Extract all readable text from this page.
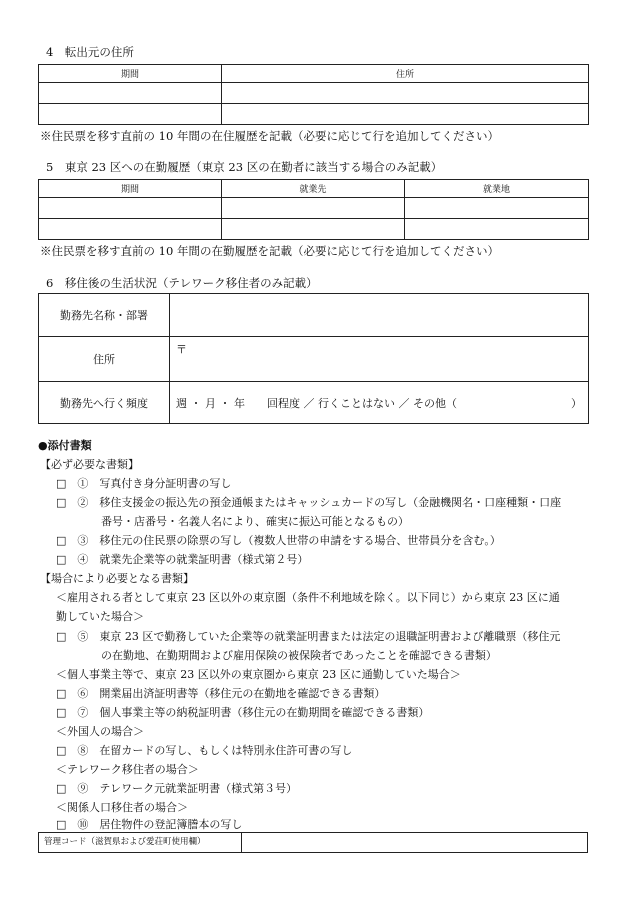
4　転出元の住所
期間	住所

※住民票を移す直前の 10 年間の在住履歴を記載（必要に応じて行を追加してください）
5　東京 23 区への在勤履歴（東京 23 区の在勤者に該当する場合のみ記載）
期間	就業先	就業地

※住民票を移す直前の 10 年間の在勤履歴を記載（必要に応じて行を追加してください）
6　移住後の生活状況（テレワーク移住者のみ記載）
勤務先名称・部署	
住所	〒
勤務先へ行く頻度	週 ・ 月 ・ 年　　回程度 ／ 行くことはない ／ その他（ ）
●添付書類
【必ず必要な書類】
□　①　写真付き身分証明書の写し
□　②　移住支援金の振込先の預金通帳またはキャッシュカードの写し（金融機関名・口座種類・口座
番号・店番号・名義人名により、確実に振込可能となるもの）
□　③　移住元の住民票の除票の写し（複数人世帯の申請をする場合、世帯員分を含む。）
□　④　就業先企業等の就業証明書（様式第２号）
【場合により必要となる書類】
＜雇用される者として東京 23 区以外の東京圏（条件不利地域を除く。以下同じ）から東京 23 区に通
勤していた場合＞
□　⑤　東京 23 区で勤務していた企業等の就業証明書または法定の退職証明書および離職票（移住元
の在勤地、在勤期間および雇用保険の被保険者であったことを確認できる書類）
＜個人事業主等で、東京 23 区以外の東京圏から東京 23 区に通勤していた場合＞
□　⑥　開業届出済証明書等（移住元の在勤地を確認できる書類）
□　⑦　個人事業主等の納税証明書（移住元の在勤期間を確認できる書類）
＜外国人の場合＞
□　⑧　在留カードの写し、もしくは特別永住許可書の写し
＜テレワーク移住者の場合＞
□　⑨　テレワーク元就業証明書（様式第３号）
＜関係人口移住者の場合＞
□　⑩　居住物件の登記簿謄本の写し
管理コード（滋賀県および愛荘町使用欄）
